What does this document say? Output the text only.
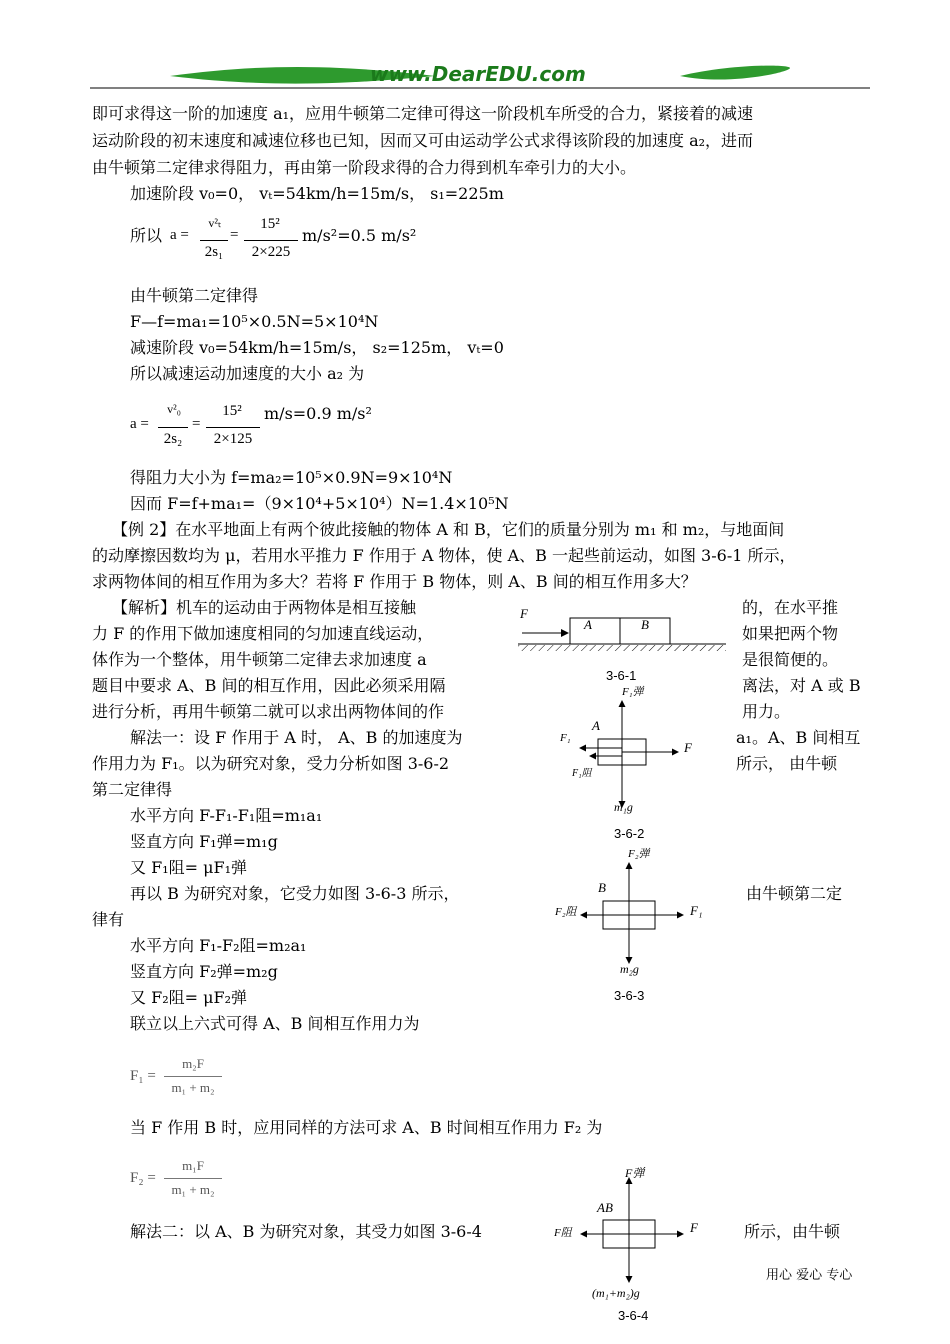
www.DearEDU.com
即可求得这一阶的加速度 a₁，应用牛顿第二定律可得这一阶段机车所受的合力，紧接着的减速
运动阶段的初末速度和减速位移也已知，因而又可由运动学公式求得该阶段的加速度 a₂，进而
由牛顿第二定律求得阻力，再由第一阶段求得的合力得到机车牵引力的大小。
加速阶段 v₀=0， vₜ=54km/h=15m/s， s₁=225m
所以 a =
v²ₜ
2s₁
=
15²
2×225
m/s²=0.5 m/s²
由牛顿第二定律得
F—f=ma₁=10⁵×0.5N=5×10⁴N
减速阶段 v₀=54km/h=15m/s， s₂=125m， vₜ=0
所以减速运动加速度的大小 a₂ 为
a =
v²₀
2s₂
=
15²
2×125
m/s=0.9 m/s²
得阻力大小为 f=ma₂=10⁵×0.9N=9×10⁴N
因而 F=f+ma₁=（9×10⁴+5×10⁴）N=1.4×10⁵N
【例 2】在水平地面上有两个彼此接触的物体 A 和 B，它们的质量分别为 m₁ 和 m₂，与地面间
的动摩擦因数均为 μ，若用水平推力 F 作用于 A 物体，使 A、B 一起些前运动，如图 3-6-1 所示，
求两物体间的相互作用为多大？若将 F 作用于 B 物体，则 A、B 间的相互作用多大？
【解析】机车的运动由于两物体是相互接触	的，在水平推
力 F 的作用下做加速度相同的匀加速直线运动，	如果把两个物
体作为一个整体，用牛顿第二定律去求加速度 a	是很简便的。
题目中要求 A、B 间的相互作用，因此必须采用隔	离法，对 A 或 B
进行分析，再用牛顿第二就可以求出两物体间的作	用力。
解法一：设 F 作用于 A 时， A、B 的加速度为	a₁。A、B 间相互
作用力为 F₁。以为研究对象，受力分析如图 3-6-2	所示， 由牛顿
第二定律得
水平方向 F-F₁-F₁阻=m₁a₁
竖直方向 F₁弹=m₁g
又 F₁阻= μF₁弹
再以 B 为研究对象，它受力如图 3-6-3 所示，	由牛顿第二定
律有
水平方向 F₁-F₂阻=m₂a₁
竖直方向 F₂弹=m₂g
又 F₂阻= μF₂弹
联立以上六式可得 A、B 间相互作用力为
F₁ =
m₂F
m₁ + m₂
当 F 作用 B 时，应用同样的方法可求 A、B 时间相互作用力 F₂ 为
F₂ =
m₁F
m₁ + m₂
解法二：以 A、B 为研究对象，其受力如图 3-6-4	所示，由牛顿
F
A	B
3-6-1
F₁弹
A
F₁
F
F₁阻
m₁g
3-6-2
F₂弹
B
F₂阻	F₁
m₂g
3-6-3
F弹
AB
F阻	F
(m₁+m₂)g
3-6-4
用心 爱心 专心
